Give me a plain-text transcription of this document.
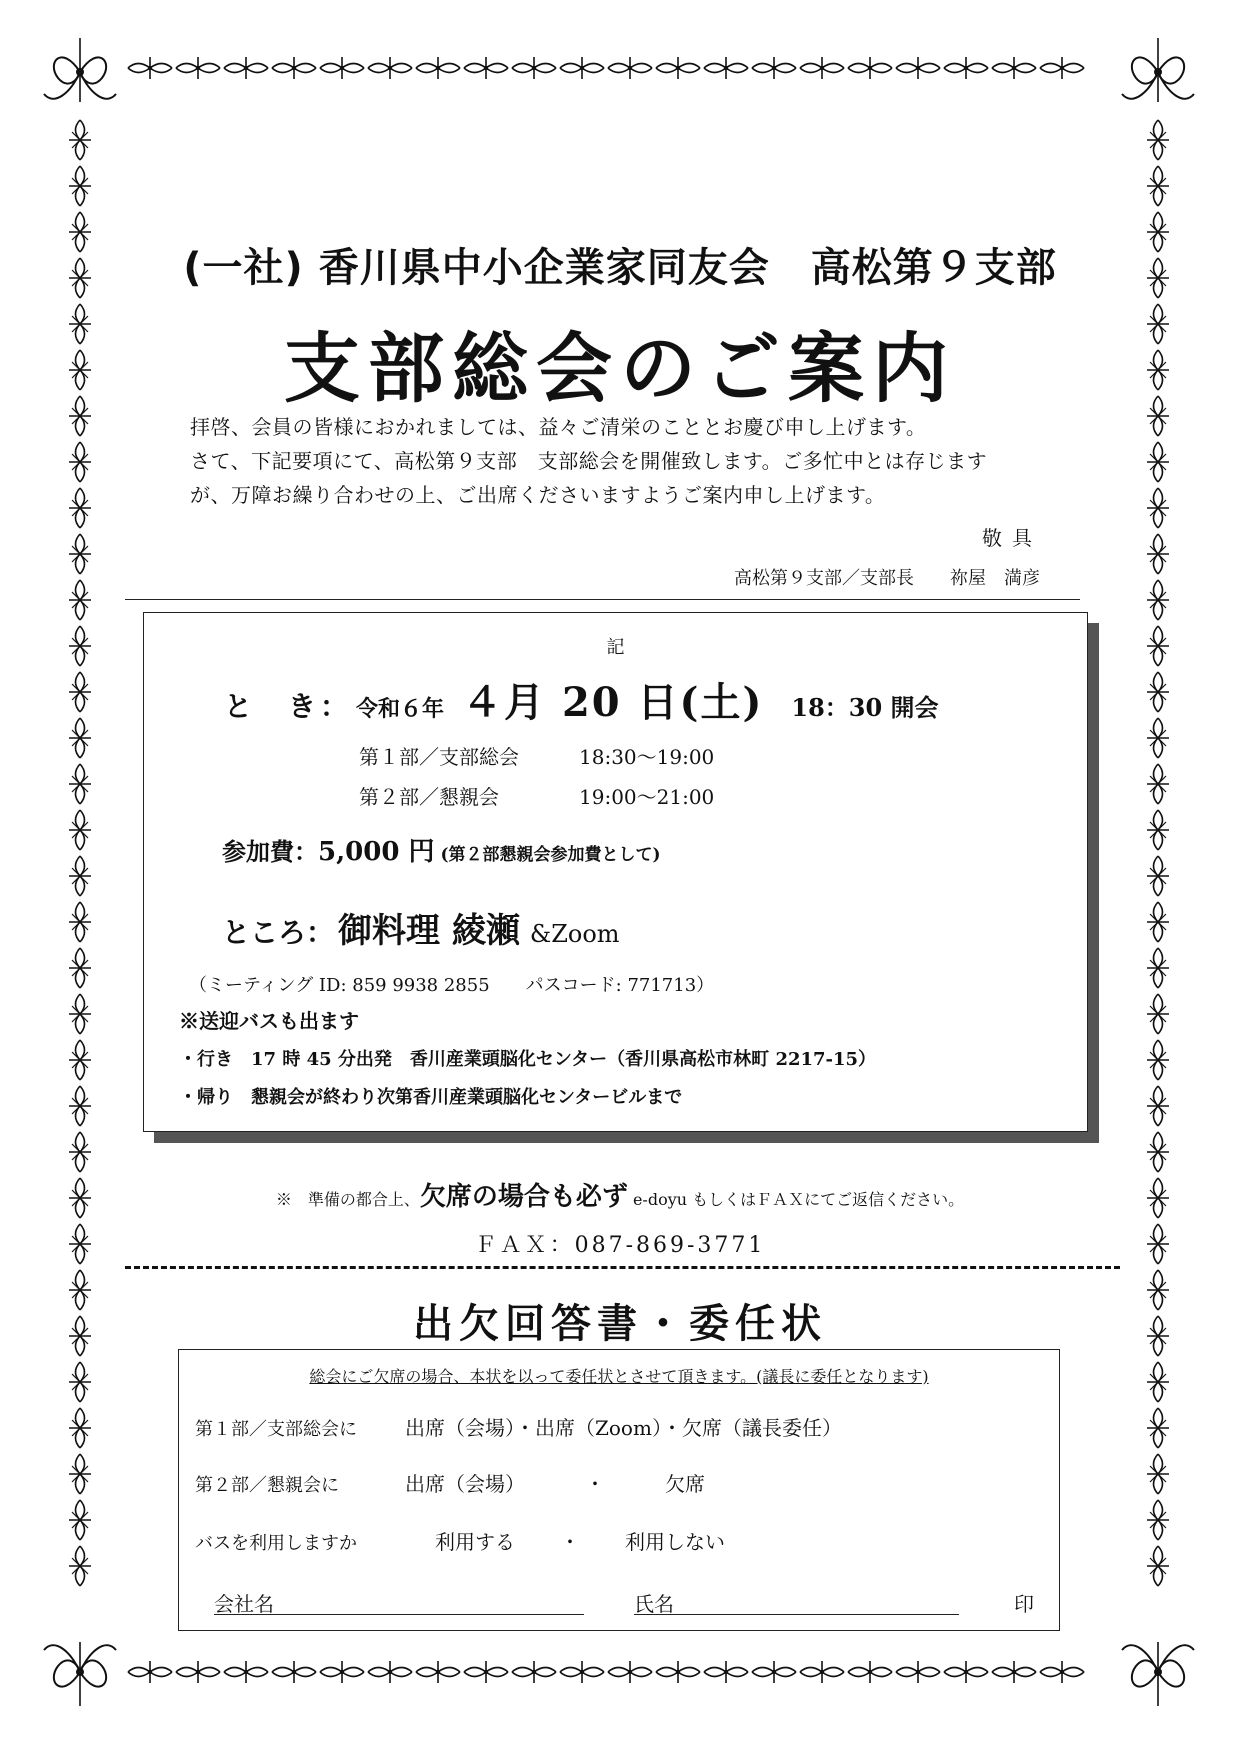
(一社) 香川県中小企業家同友会　高松第９支部
支部総会のご案内

拝啓、会員の皆様におかれましては、益々ご清栄のこととお慶び申し上げます。

さて、下記要項にて、高松第９支部　支部総会を開催致します。ご多忙中とは存じます

が、万障お繰り合わせの上、ご出席くださいますようご案内申し上げます。

敬具
高松第９支部／支部長　　祢屋　満彦
記
と　き： 令和６年 ４月 20 日(土) 18：30 開会
第１部／支部総会	18:30～19:00
第２部／懇親会	19:00～21:00
参加費：5,000 円 (第２部懇親会参加費として)
ところ： 御料理 綾瀬 &Zoom
（ミーティング ID: 859 9938 2855　　パスコード: 771713）
※送迎バスも出ます
・行き　17 時 45 分出発　香川産業頭脳化センター（香川県高松市林町 2217-15）
・帰り　懇親会が終わり次第香川産業頭脳化センタービルまで
※　準備の都合上、欠席の場合も必ず e-doyu もしくはＦＡＸにてご返信ください。
ＦＡＸ：087-869-3771
出欠回答書・委任状
総会にご欠席の場合、本状を以って委任状とさせて頂きます。(議長に委任となります)
第１部／支部総会に 出席（会場）・出席（Zoom）・欠席（議長委任）
第２部／懇親会に	出席（会場）	・	欠席
バスを利用しますか	利用する ・ 利用しない
会社名	氏名	印
